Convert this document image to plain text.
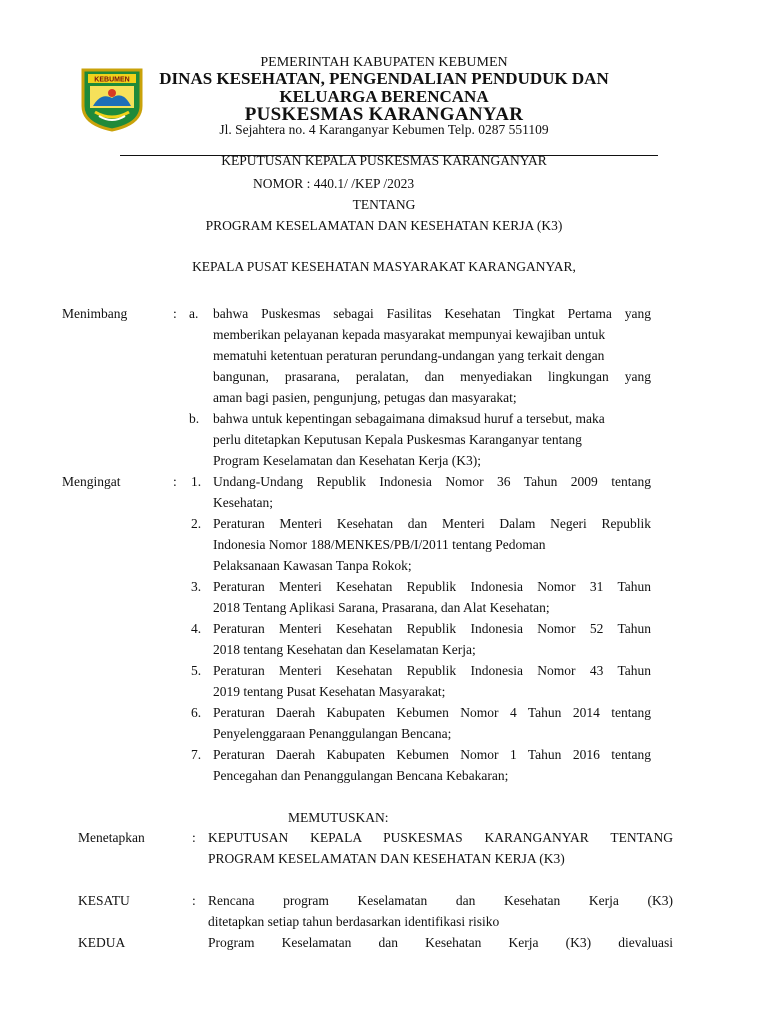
KEBUMEN
PEMERINTAH KABUPATEN KEBUMEN
DINAS KESEHATAN, PENGENDALIAN PENDUDUK DAN
KELUARGA BERENCANA
PUSKESMAS KARANGANYAR
Jl. Sejahtera no. 4 Karanganyar Kebumen Telp. 0287 551109
KEPUTUSAN KEPALA PUSKESMAS KARANGANYAR
NOMOR : 440.1/ /KEP /2023
TENTANG
PROGRAM KESELAMATAN DAN KESEHATAN KERJA (K3)
KEPALA PUSAT KESEHATAN MASYARAKAT KARANGANYAR,
Menimbang	: a. bahwa Puskesmas sebagai Fasilitas Kesehatan Tingkat Pertama yang
memberikan pelayanan kepada masyarakat mempunyai kewajiban untuk
mematuhi ketentuan peraturan perundang-undangan yang terkait dengan
bangunan, prasarana, peralatan, dan menyediakan lingkungan yang
aman bagi pasien, pengunjung, petugas dan masyarakat;
b. bahwa untuk kepentingan sebagaimana dimaksud huruf a tersebut, maka
perlu ditetapkan Keputusan Kepala Puskesmas Karanganyar tentang
Program Keselamatan dan Kesehatan Kerja (K3);
Mengingat	: 1. Undang-Undang Republik Indonesia Nomor 36 Tahun 2009 tentang
Kesehatan;
2. Peraturan Menteri Kesehatan dan Menteri Dalam Negeri Republik
Indonesia Nomor 188/MENKES/PB/I/2011 tentang Pedoman
Pelaksanaan Kawasan Tanpa Rokok;
3. Peraturan Menteri Kesehatan Republik Indonesia Nomor 31 Tahun
2018 Tentang Aplikasi Sarana, Prasarana, dan Alat Kesehatan;
4. Peraturan Menteri Kesehatan Republik Indonesia Nomor 52 Tahun
2018 tentang Kesehatan dan Keselamatan Kerja;
5. Peraturan Menteri Kesehatan Republik Indonesia Nomor 43 Tahun
2019 tentang Pusat Kesehatan Masyarakat;
6. Peraturan Daerah Kabupaten Kebumen Nomor 4 Tahun 2014 tentang
Penyelenggaraan Penanggulangan Bencana;
7. Peraturan Daerah Kabupaten Kebumen Nomor 1 Tahun 2016 tentang
Pencegahan dan Penanggulangan Bencana Kebakaran;
MEMUTUSKAN:
Menetapkan	: KEPUTUSAN KEPALA PUSKESMAS KARANGANYAR TENTANG
PROGRAM KESELAMATAN DAN KESEHATAN KERJA (K3)
KESATU	: Rencana program Keselamatan dan Kesehatan Kerja (K3)
ditetapkan setiap tahun berdasarkan identifikasi risiko
KEDUA	Program Keselamatan dan Kesehatan Kerja (K3) dievaluasi
